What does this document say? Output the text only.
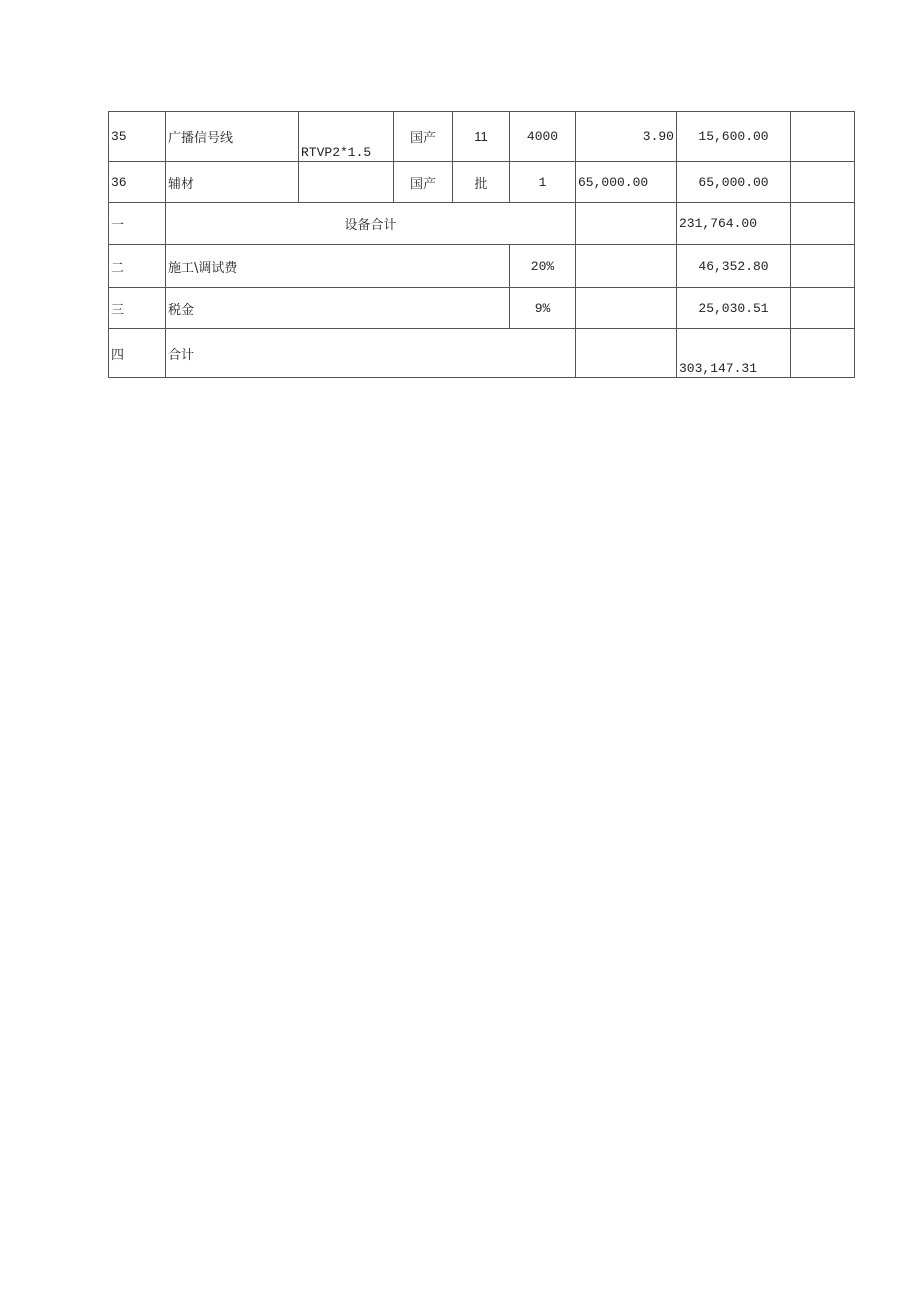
35	广播信号线	RTVP2*1.5	国产	11	4000	3.90	15,600.00	
36	辅材		国产	批	1	65,000.00	65,000.00	
一	设备合计						231,764.00	
二	施工\调试费				20%		46,352.80	
三	税金				9%		25,030.51	
四	合计						303,147.31	
